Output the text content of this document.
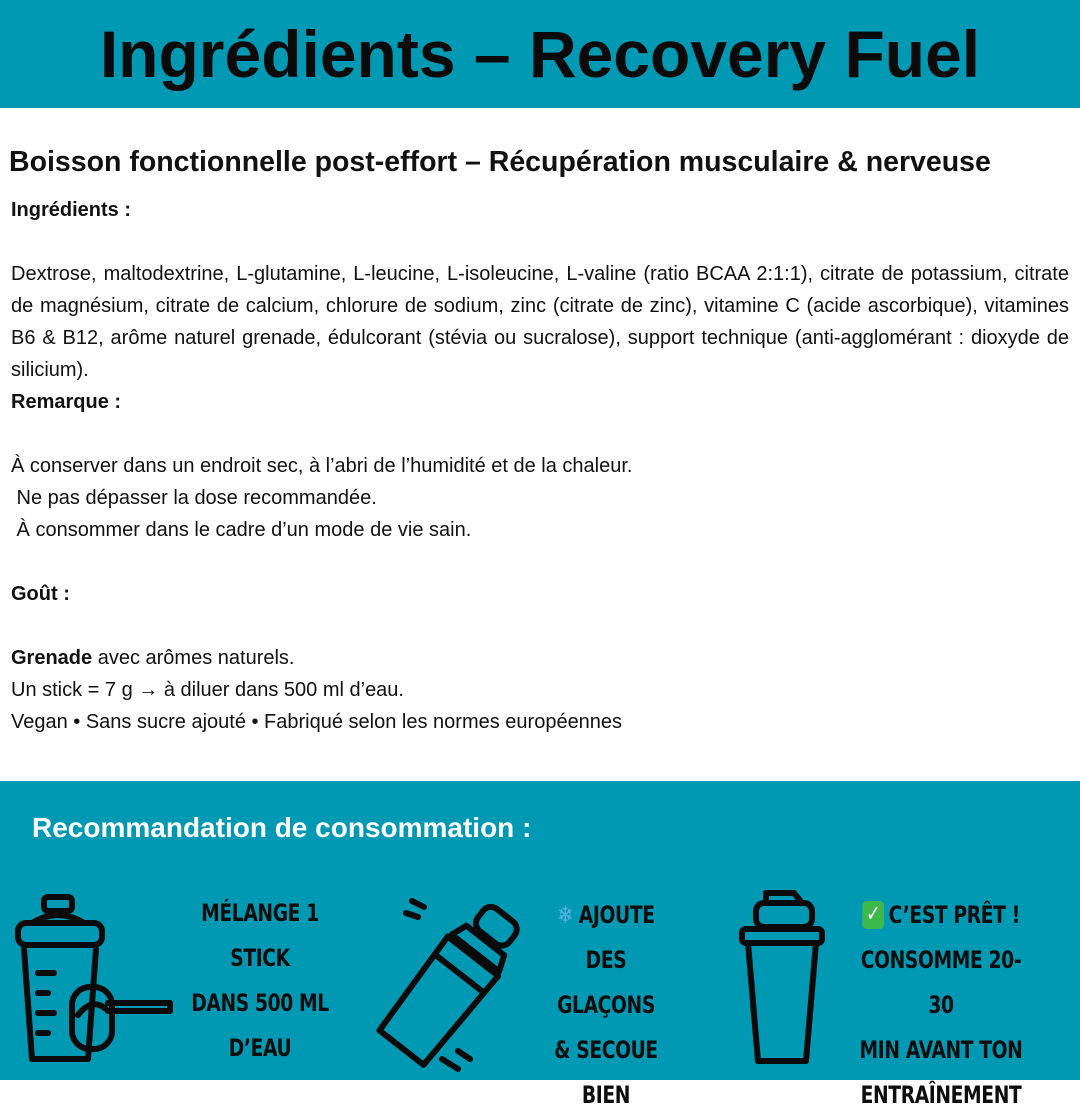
Ingrédients – Recovery Fuel

Boisson fonctionnelle post-effort – Récupération musculaire & nerveuse

Ingrédients :

Dextrose, maltodextrine, L-glutamine, L-leucine, L-isoleucine, L-valine (ratio BCAA 2:1:1), citrate de potassium, citrate de magnésium, citrate de calcium, chlorure de sodium, zinc (citrate de zinc), vitamine C (acide ascorbique), vitamines B6 & B12, arôme naturel grenade, édulcorant (stévia ou sucralose), support technique (anti-agglomérant : dioxyde de silicium).

Remarque :

À conserver dans un endroit sec, à l’abri de l’humidité et de la chaleur.

Ne pas dépasser la dose recommandée.

À consommer dans le cadre d’un mode de vie sain.

Goût :

Grenade avec arômes naturels.

Un stick = 7 g → à diluer dans 500 ml d’eau.

Vegan • Sans sucre ajouté • Fabriqué selon les normes européennes

Recommandation de consommation :

MÉLANGE 1
STICK
DANS 500 ML
D’EAU
❄ AJOUTE
DES GLAÇONS
& SECOUE
BIEN
✓ C’EST PRÊT !
CONSOMME 20-30
MIN AVANT TON
ENTRAÎNEMENT
